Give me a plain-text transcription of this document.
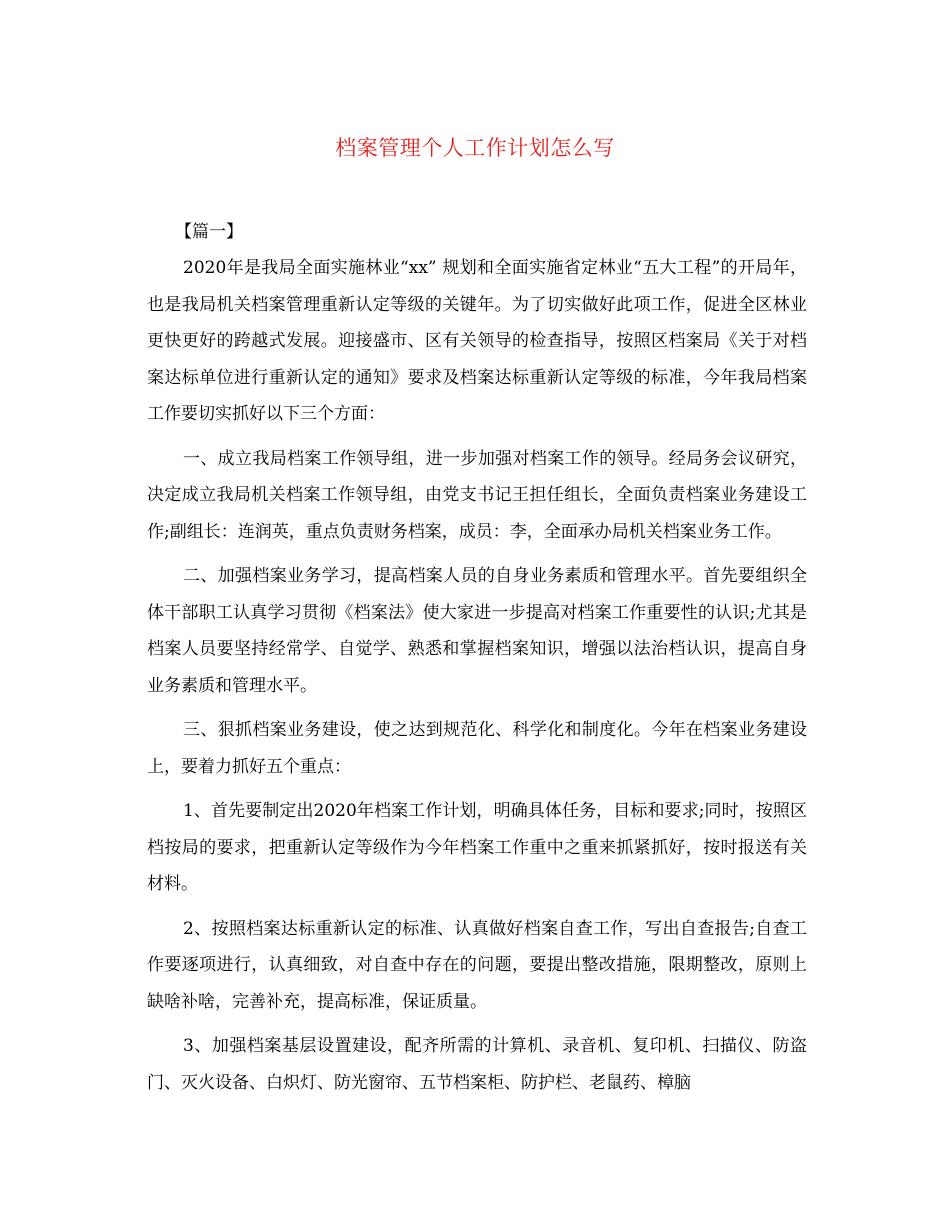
档案管理个人工作计划怎么写
【篇一】

2020年是我局全面实施林业“xx” 规划和全面实施省定林业“五大工程”的开局年，也是我局机关档案管理重新认定等级的关键年。为了切实做好此项工作，促进全区林业更快更好的跨越式发展。迎接盛市、区有关领导的检查指导，按照区档案局《关于对档案达标单位进行重新认定的通知》要求及档案达标重新认定等级的标准，今年我局档案工作要切实抓好以下三个方面：

一、成立我局档案工作领导组，进一步加强对档案工作的领导。经局务会议研究，决定成立我局机关档案工作领导组，由党支书记王担任组长，全面负责档案业务建设工作;副组长：连润英，重点负责财务档案，成员：李，全面承办局机关档案业务工作。

二、加强档案业务学习，提高档案人员的自身业务素质和管理水平。首先要组织全体干部职工认真学习贯彻《档案法》使大家进一步提高对档案工作重要性的认识;尤其是档案人员要坚持经常学、自觉学、熟悉和掌握档案知识，增强以法治档认识，提高自身业务素质和管理水平。

三、狠抓档案业务建设，使之达到规范化、科学化和制度化。今年在档案业务建设上，要着力抓好五个重点：

1、首先要制定出2020年档案工作计划，明确具体任务，目标和要求;同时，按照区档按局的要求，把重新认定等级作为今年档案工作重中之重来抓紧抓好，按时报送有关材料。

2、按照档案达标重新认定的标准、认真做好档案自查工作，写出自查报告;自查工作要逐项进行，认真细致，对自查中存在的问题，要提出整改措施，限期整改，原则上缺啥补啥，完善补充，提高标准，保证质量。

3、加强档案基层设置建设，配齐所需的计算机、录音机、复印机、扫描仪、防盗门、灭火设备、白炽灯、防光窗帘、五节档案柜、防护栏、老鼠药、樟脑
